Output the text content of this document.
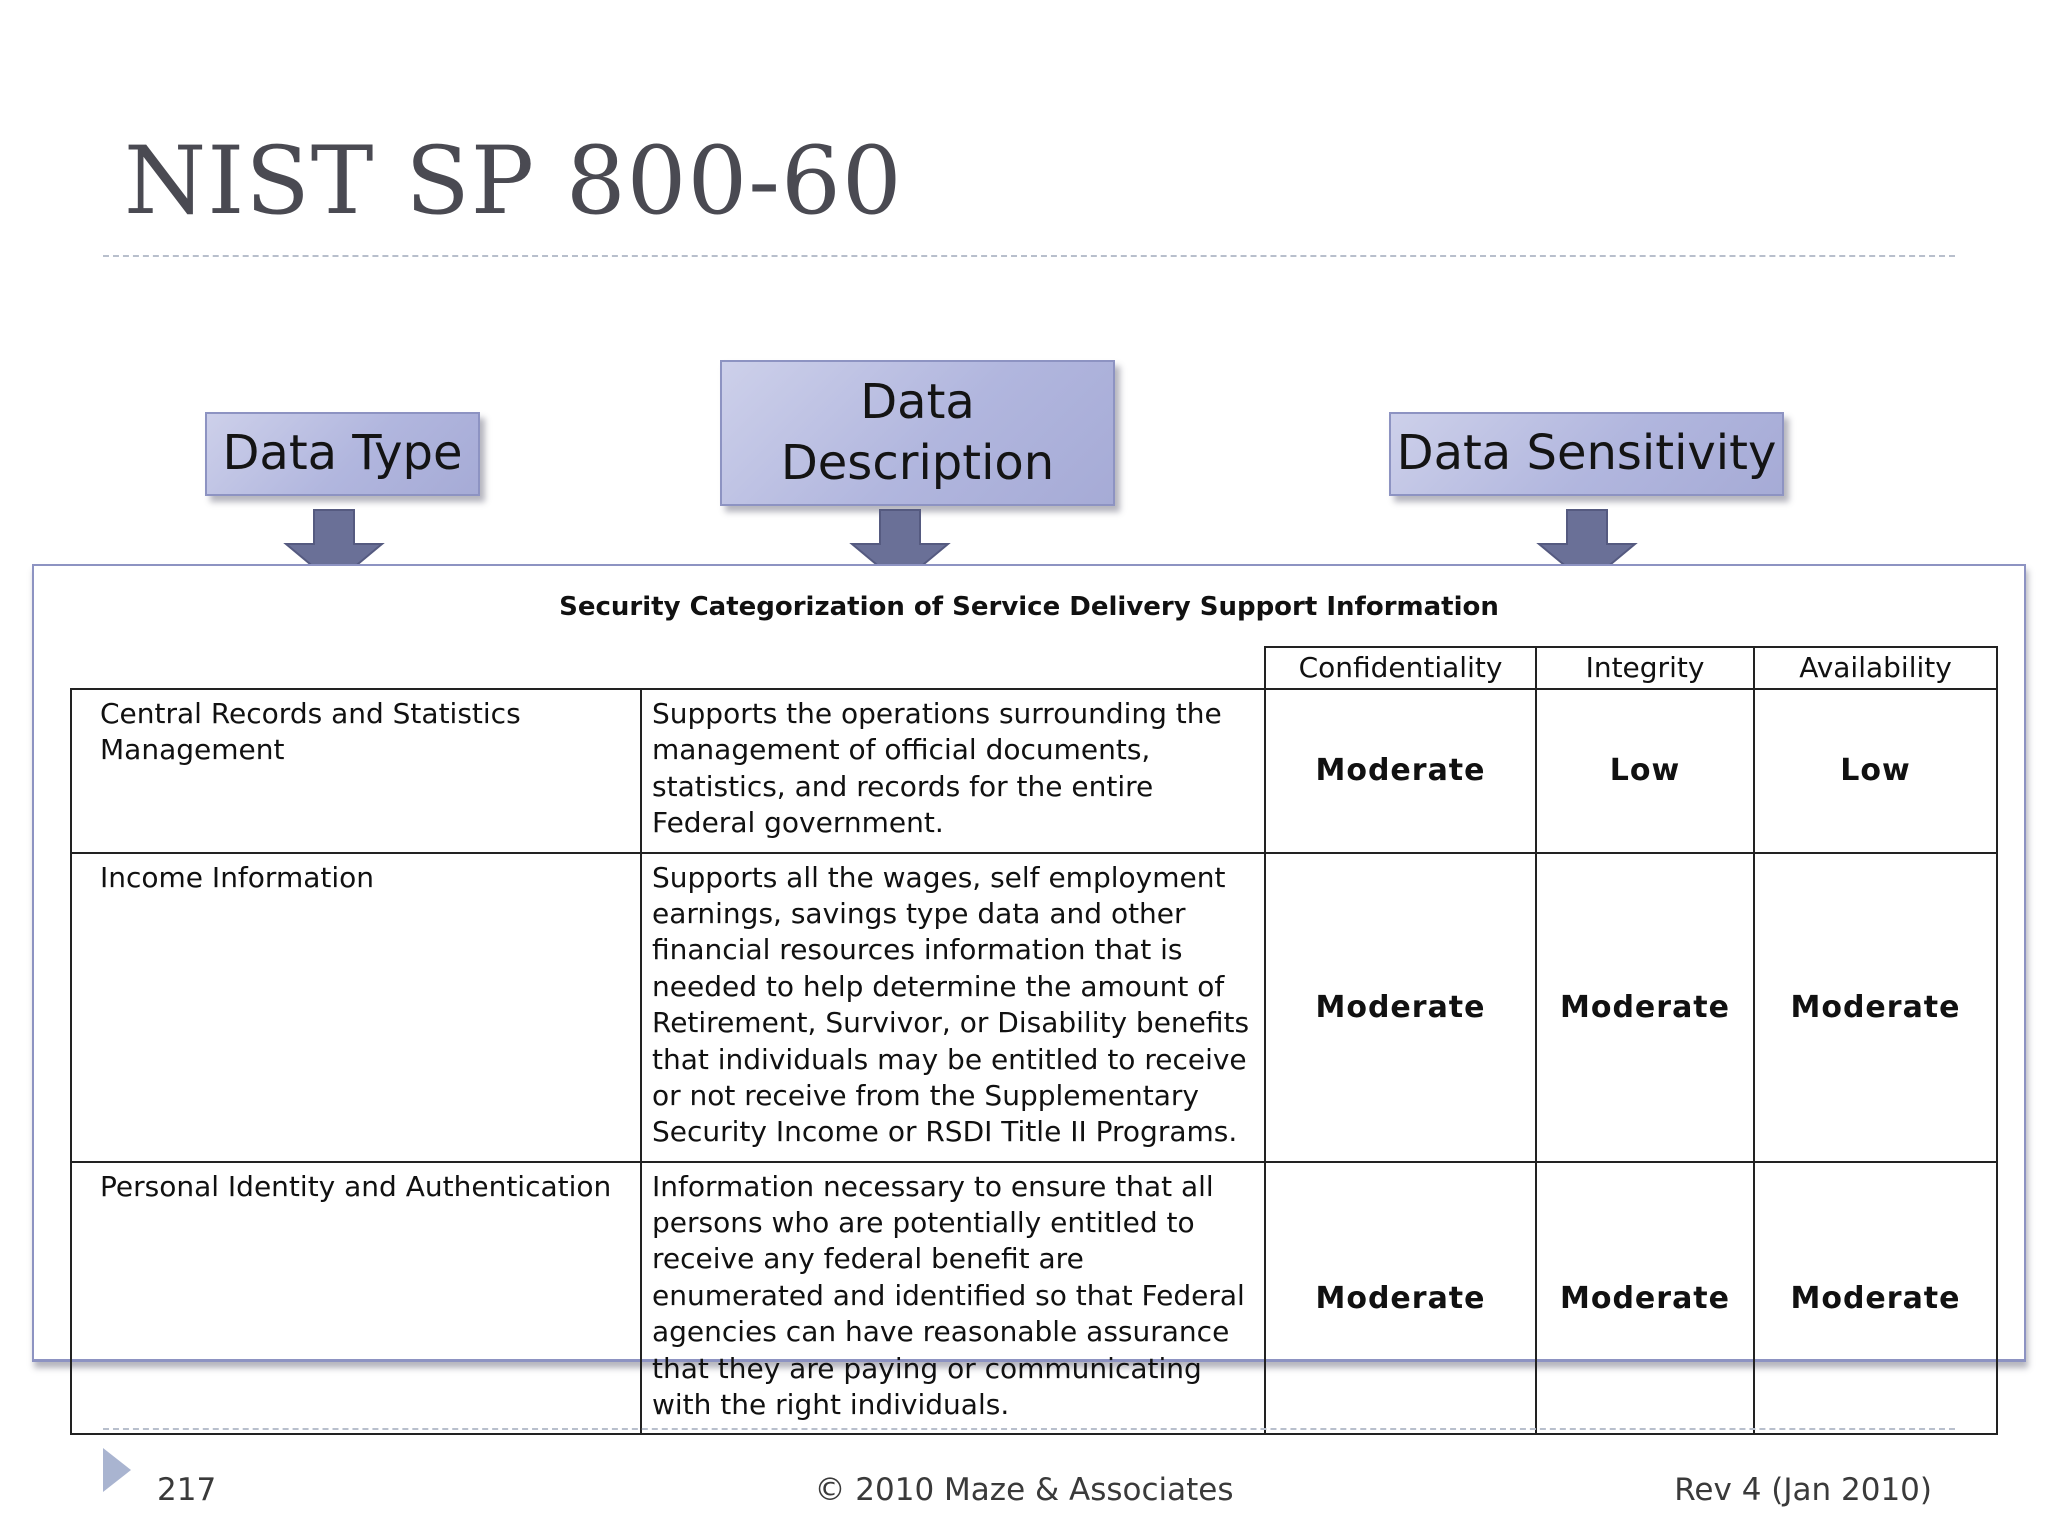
NIST SP 800-60
Data Type
Data
Description	Data Sensitivity
Security Categorization of Service Delivery Support Information
		Confidentiality	Integrity	Availability
Central Records and Statistics Management	Supports the operations surrounding the management of official documents, statistics, and records for the entire Federal government.	Moderate	Low	Low
Income Information	Supports all the wages, self employment earnings, savings type data and other financial resources information that is needed to help determine the amount of Retirement, Survivor, or Disability benefits that individuals may be entitled to receive or not receive from the Supplementary Security Income or RSDI Title II Programs.	Moderate	Moderate	Moderate
Personal Identity and Authentication	Information necessary to ensure that all persons who are potentially entitled to receive any federal benefit are enumerated and identified so that Federal agencies can have reasonable assurance that they are paying or communicating with the right individuals.	Moderate	Moderate	Moderate
217	© 2010 Maze & Associates	Rev 4 (Jan 2010)
